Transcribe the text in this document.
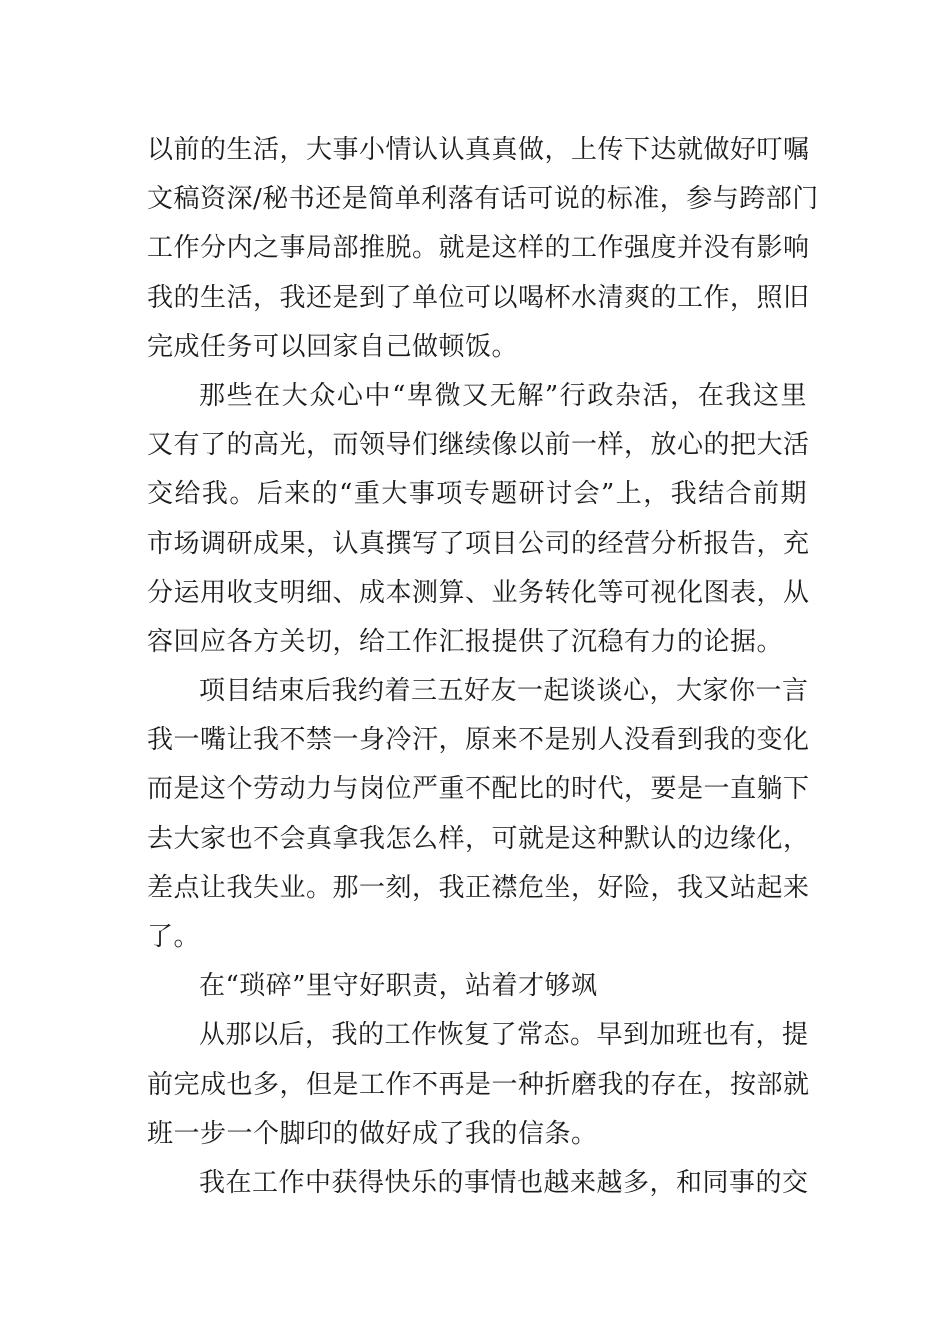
以前的生活，大事小情认认真真做，上传下达就做好叮嘱
文稿资深/秘书还是简单利落有话可说的标准，参与跨部门
工作分内之事局部推脱。就是这样的工作强度并没有影响
我的生活，我还是到了单位可以喝杯水清爽的工作，照旧
完成任务可以回家自己做顿饭。
那些在大众心中“卑微又无解”行政杂活，在我这里
又有了的高光，而领导们继续像以前一样，放心的把大活
交给我。后来的“重大事项专题研讨会”上，我结合前期
市场调研成果，认真撰写了项目公司的经营分析报告，充
分运用收支明细、成本测算、业务转化等可视化图表，从
容回应各方关切，给工作汇报提供了沉稳有力的论据。
项目结束后我约着三五好友一起谈谈心，大家你一言
我一嘴让我不禁一身冷汗，原来不是别人没看到我的变化
而是这个劳动力与岗位严重不配比的时代，要是一直躺下
去大家也不会真拿我怎么样，可就是这种默认的边缘化，
差点让我失业。那一刻，我正襟危坐，好险，我又站起来
了。
在“琐碎”里守好职责，站着才够飒
从那以后，我的工作恢复了常态。早到加班也有，提
前完成也多，但是工作不再是一种折磨我的存在，按部就
班一步一个脚印的做好成了我的信条。
我在工作中获得快乐的事情也越来越多，和同事的交
